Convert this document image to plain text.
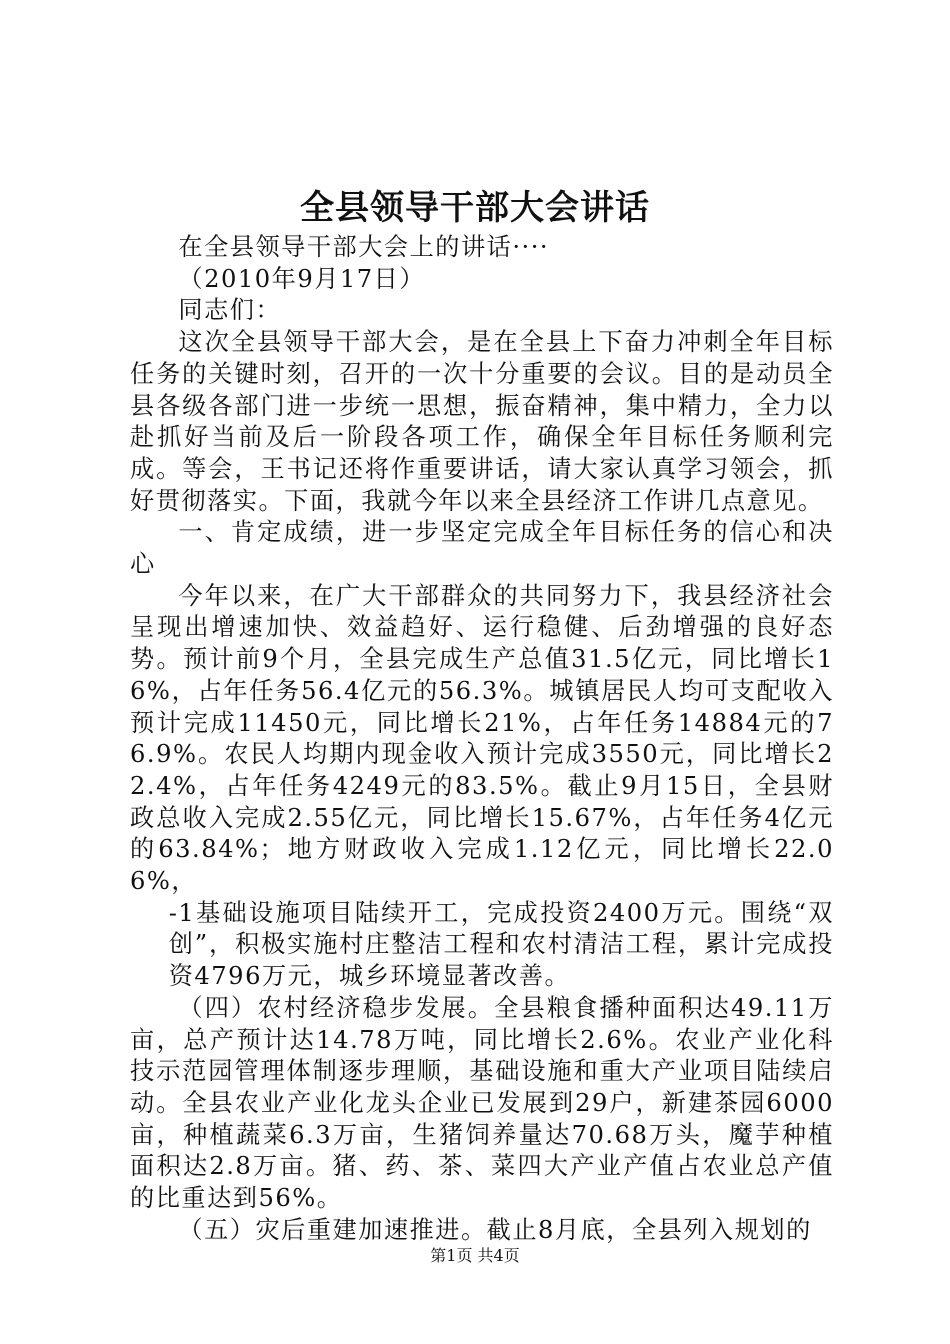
全县领导干部大会讲话

在全县领导干部大会上的讲话····

（2010年9月17日）

同志们：

这次全县领导干部大会，是在全县上下奋力冲刺全年目标任务的关键时刻，召开的一次十分重要的会议。目的是动员全县各级各部门进一步统一思想，振奋精神，集中精力，全力以赴抓好当前及后一阶段各项工作，确保全年目标任务顺利完成。等会，王书记还将作重要讲话，请大家认真学习领会，抓好贯彻落实。下面，我就今年以来全县经济工作讲几点意见。

一、肯定成绩，进一步坚定完成全年目标任务的信心和决心

今年以来，在广大干部群众的共同努力下，我县经济社会呈现出增速加快、效益趋好、运行稳健、后劲增强的良好态势。预计前9个月，全县完成生产总值31.5亿元，同比增长16%，占年任务56.4亿元的56.3%。城镇居民人均可支配收入预计完成11450元，同比增长21%，占年任务14884元的76.9%。农民人均期内现金收入预计完成3550元，同比增长22.4%，占年任务4249元的83.5%。截止9月15日，全县财政总收入完成2.55亿元，同比增长15.67%，占年任务4亿元的63.84%；地方财政收入完成1.12亿元，同比增长22.06%，

-1基础设施项目陆续开工，完成投资2400万元。围绕“双创”，积极实施村庄整洁工程和农村清洁工程，累计完成投资4796万元，城乡环境显著改善。

（四）农村经济稳步发展。全县粮食播种面积达49.11万亩，总产预计达14.78万吨，同比增长2.6%。农业产业化科技示范园管理体制逐步理顺，基础设施和重大产业项目陆续启动。全县农业产业化龙头企业已发展到29户，新建茶园6000亩，种植蔬菜6.3万亩，生猪饲养量达70.68万头，魔芋种植面积达2.8万亩。猪、药、茶、菜四大产业产值占农业总产值的比重达到56%。

（五）灾后重建加速推进。截止8月底，全县列入规划的

第1页 共4页
